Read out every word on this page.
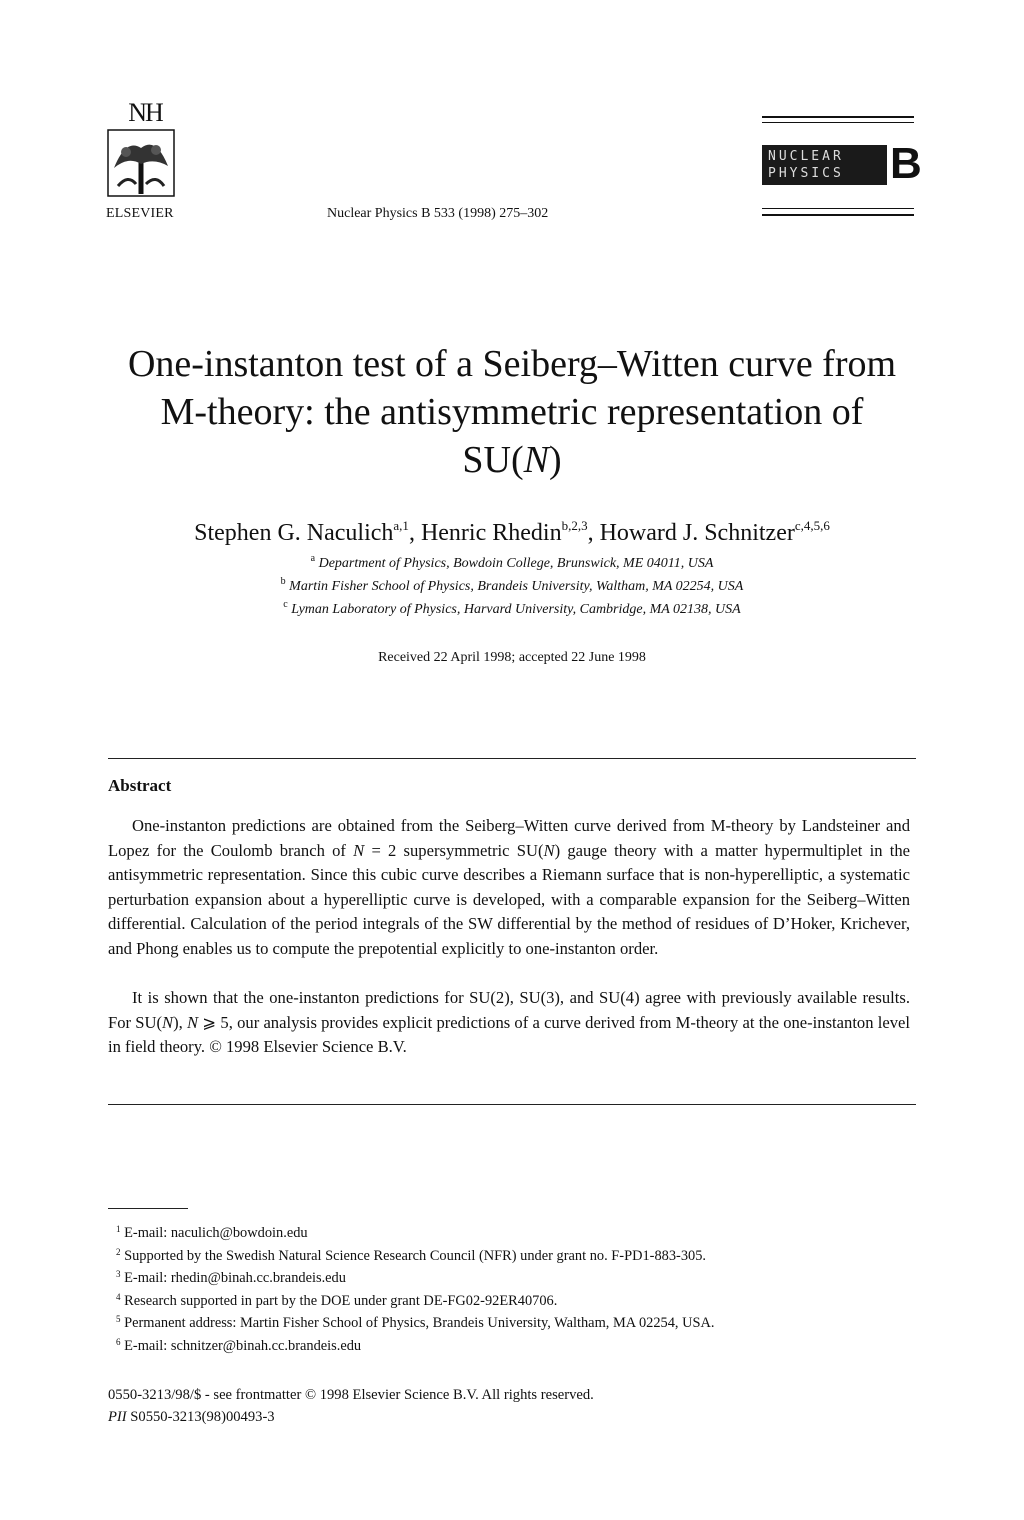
NH
ELSEVIER	Nuclear Physics B 533 (1998) 275–302
NUCLEAR
PHYSICS	B
One-instanton test of a Seiberg–Witten curve from
M-theory: the antisymmetric representation of
SU(N)
Stephen G. Naculich$^{a,1}$, Henric Rhedin$^{b,2,3}$, Howard J. Schnitzer$^{c,4,5,6}$
$^a$ Department of Physics, Bowdoin College, Brunswick, ME 04011, USA
$^b$ Martin Fisher School of Physics, Brandeis University, Waltham, MA 02254, USA
$^c$ Lyman Laboratory of Physics, Harvard University, Cambridge, MA 02138, USA
Received 22 April 1998; accepted 22 June 1998
Abstract
One-instanton predictions are obtained from the Seiberg–Witten curve derived from M-theory by Landsteiner and Lopez for the Coulomb branch of N = 2 supersymmetric SU(N) gauge theory with a matter hypermultiplet in the antisymmetric representation. Since this cubic curve describes a Riemann surface that is non-hyperelliptic, a systematic perturbation expansion about a hyperelliptic curve is developed, with a comparable expansion for the Seiberg–Witten differential. Calculation of the period integrals of the SW differential by the method of residues of D’Hoker, Krichever, and Phong enables us to compute the prepotential explicitly to one-instanton order.
It is shown that the one-instanton predictions for SU(2), SU(3), and SU(4) agree with previously available results. For SU(N), N ⩾ 5, our analysis provides explicit predictions of a curve derived from M-theory at the one-instanton level in field theory. © 1998 Elsevier Science B.V.
$^1$ E-mail: naculich@bowdoin.edu
$^2$ Supported by the Swedish Natural Science Research Council (NFR) under grant no. F-PD1-883-305.
$^3$ E-mail: rhedin@binah.cc.brandeis.edu
$^4$ Research supported in part by the DOE under grant DE-FG02-92ER40706.
$^5$ Permanent address: Martin Fisher School of Physics, Brandeis University, Waltham, MA 02254, USA.
$^6$ E-mail: schnitzer@binah.cc.brandeis.edu
0550-3213/98/$ - see frontmatter © 1998 Elsevier Science B.V. All rights reserved.
PII S0550-3213(98)00493-3
